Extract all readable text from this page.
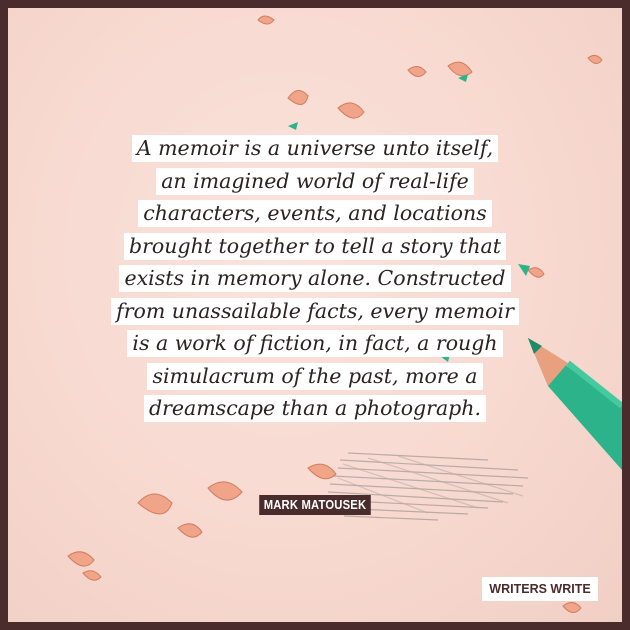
A memoir is a universe unto itself,
an imagined world of real-life
characters, events, and locations
brought together to tell a story that
exists in memory alone. Constructed
from unassailable facts, every memoir
is a work of fiction, in fact, a rough
simulacrum of the past, more a
dreamscape than a photograph.
MARK MATOUSEK
WRITERS WRITE
